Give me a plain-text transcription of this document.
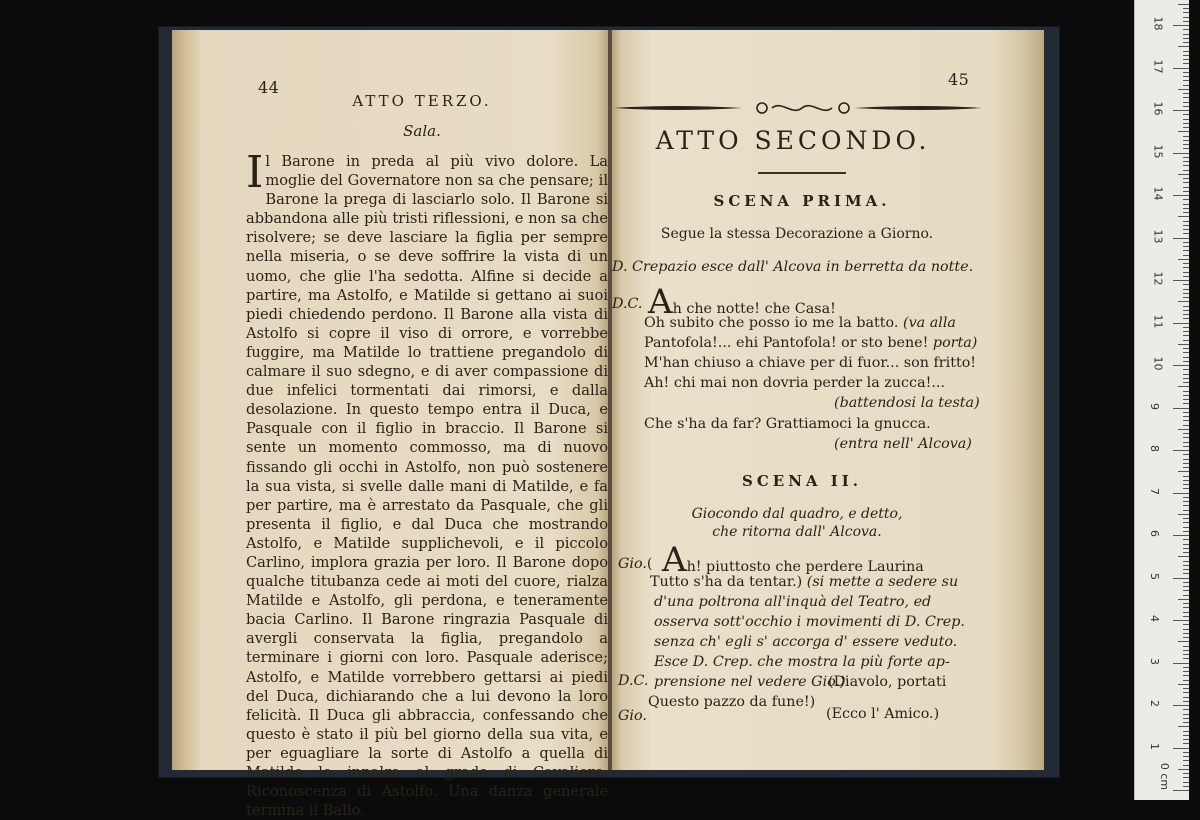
44
ATTO TERZO.
Sala.
Il Barone in preda al più vivo dolore. La moglie del Governatore non sa che pensare; il Barone la prega di lasciarlo solo. Il Barone si abbandona alle più tristi riflessioni, e non sa che risolvere; se deve lasciare la figlia per sempre nella miseria, o se deve soffrire la vista di un uomo, che glie l'ha sedotta. Alfine si decide a partire, ma Astolfo, e Matilde si gettano ai suoi piedi chiedendo perdono. Il Barone alla vista di Astolfo si copre il viso di orrore, e vorrebbe fuggire, ma Matilde lo trattiene pregandolo di calmare il suo sdegno, e di aver compassione di due infelici tormentati dai rimorsi, e dalla desolazione. In questo tempo entra il Duca, e Pasquale con il figlio in braccio. Il Barone si sente un momento commosso, ma di nuovo fissando gli occhi in Astolfo, non può sostenere la sua vista, si svelle dalle mani di Matilde, e fa per partire, ma è arrestato da Pasquale, che gli presenta il figlio, e dal Duca che mostrando Astolfo, e Matilde supplichevoli, e il piccolo Carlino, implora grazia per loro. Il Barone dopo qualche titubanza cede ai moti del cuore, rialza Matilde e Astolfo, gli perdona, e teneramente bacia Carlino. Il Barone ringrazia Pasquale di avergli conservata la figlia, pregandolo a terminare i giorni con loro. Pasquale aderisce; Astolfo, e Matilde vorrebbero gettarsi ai piedi del Duca, dichiarando che a lui devono la loro felicità. Il Duca gli abbraccia, confessando che questo è stato il più bel giorno della sua vita, e per eguagliare la sorte di Astolfo a quella di Matilde lo innalza al grado di Cavaliere. Riconoscenza di Astolfo. Una danza generale termina il Ballo.
45
ATTO SECONDO.
SCENA PRIMA.
Segue la stessa Decorazione a Giorno.
D. Crepazio esce dall' Alcova in berretta da notte.
D.C. Ah che notte! che Casa!
Oh subito che posso io me la batto. (va alla
Pantofola!... ehi Pantofola! or sto bene! porta)
M'han chiuso a chiave per di fuor... son fritto!
Ah! chi mai non dovria perder la zucca!...
(battendosi la testa)
Che s'ha da far? Grattiamoci la gnucca.
(entra nell' Alcova)
SCENA II.
Giocondo dal quadro, e detto,
che ritorna dall' Alcova.
Gio.( Ah! piuttosto che perdere Laurina
Tutto s'ha da tentar.) (si mette a sedere su
d'una poltrona all'inquà del Teatro, ed
osserva sott'occhio i movimenti di D. Crep.
senza ch' egli s' accorga d' essere veduto.
Esce D. Crep. che mostra la più forte ap-
prensione nel vedere Gio.)
D.C.	(Diavolo, portati
Questo pazzo da fune!)
Gio.	(Ecco l' Amico.)
0 cm
1
2
3
4
5
6
7
8
9
10
11
12
13
14
15
16
17
18
